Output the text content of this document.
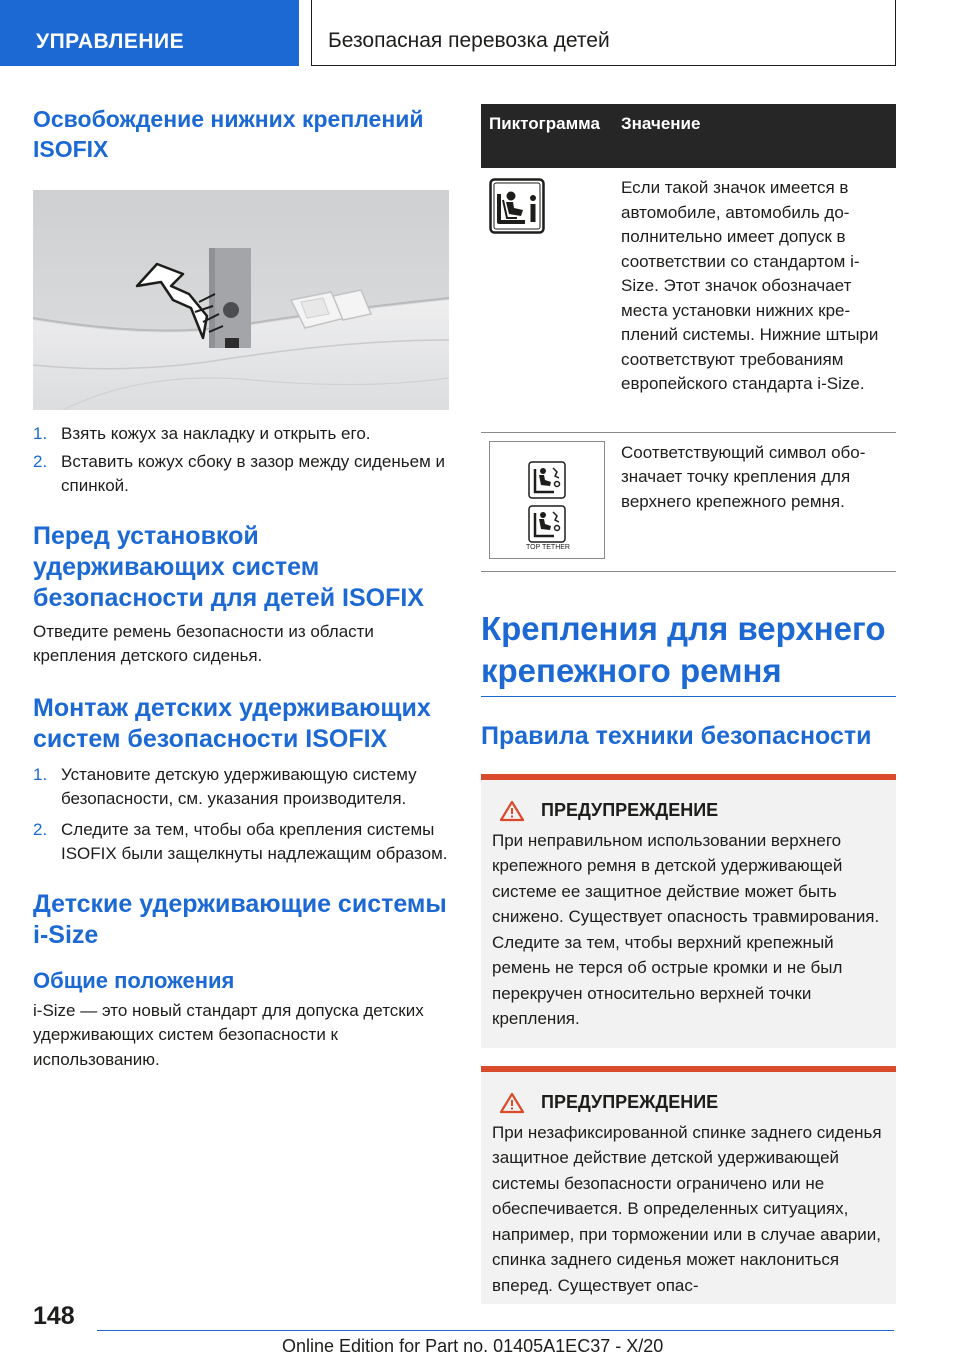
УПРАВЛЕНИЕ	Безопасная перевозка детей
Освобождение нижних креплений ISOFIX
1. Взять кожух за накладку и открыть его.
2. Вставить кожух сбоку в зазор между сиденьем и спинкой.
Перед установкой удерживающих систем безопасности для детей ISOFIX
Отведите ремень безопасности из области крепления детского сиденья.
Монтаж детских удерживающих систем безопасности ISOFIX
1. Установите детскую удерживающую систему безопасности, см. указания производителя.
2. Следите за тем, чтобы оба крепления системы ISOFIX были защелкнуты надлежащим образом.
Детские удерживающие системы i-Size
Общие положения
i-Size — это новый стандарт для допуска детских удерживающих систем безопасности к использованию.
Пиктограмма	Значение
	Если такой значок имеется в автомобиле, автомобиль дополнительно имеет допуск в соответствии со стандартом i-Size. Этот значок обозначает места установки нижних креплений системы. Нижние штыри соответствуют требованиям европейского стандарта i-Size.

TOP TETHER	Соответствующий символ обозначает точку крепления для верхнего крепежного ремня.
Крепления для верхнего крепежного ремня
Правила техники безопасности
ПРЕДУПРЕЖДЕНИЕ
При неправильном использовании верхнего крепежного ремня в детской удерживающей системе ее защитное действие может быть снижено. Существует опасность травмирования. Следите за тем, чтобы верхний крепежный ремень не терся об острые кромки и не был перекручен относительно верхней точки крепления.
ПРЕДУПРЕЖДЕНИЕ
При незафиксированной спинке заднего сиденья защитное действие детской удерживающей системы безопасности ограничено или не обеспечивается. В определенных ситуациях, например, при торможении или в случае аварии, спинка заднего сиденья может наклониться вперед. Существует опас-
148
Online Edition for Part no. 01405A1EC37 - X/20
